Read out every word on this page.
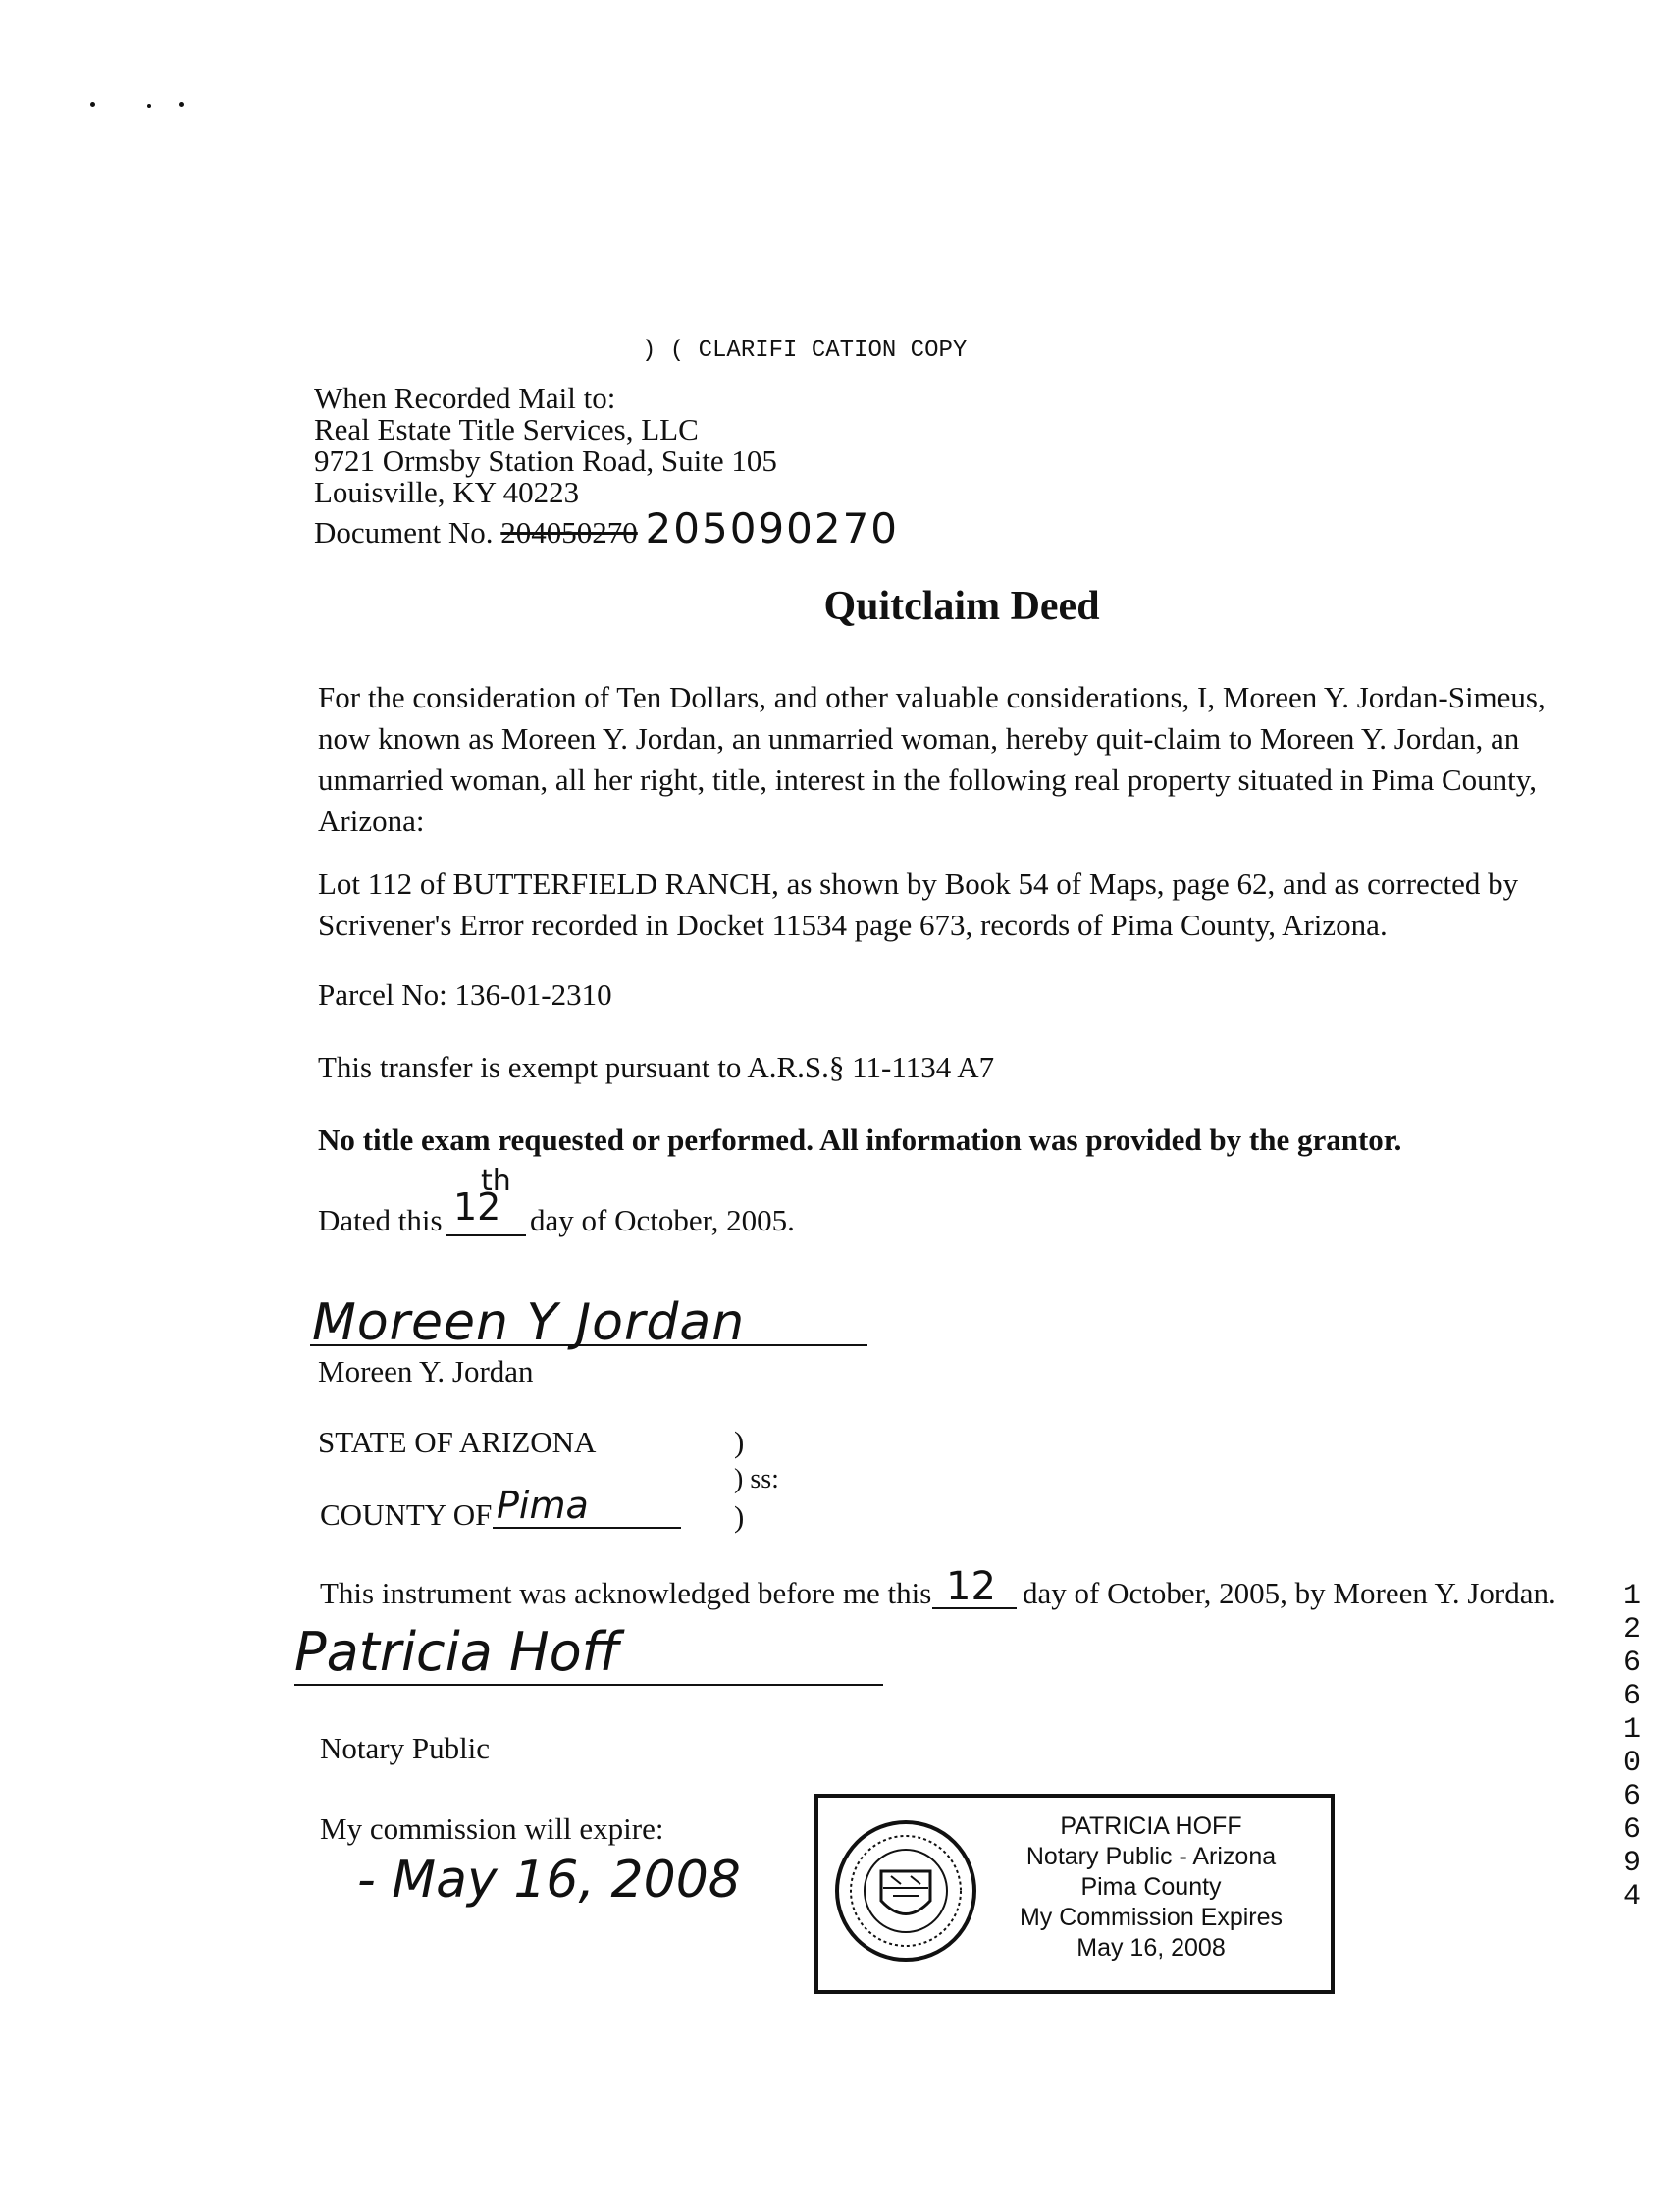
) ( CLARIFI CATION COPY
When Recorded Mail to:
Real Estate Title Services, LLC
9721 Ormsby Station Road, Suite 105
Louisville, KY 40223
Document No. 204050270 205090270
Quitclaim Deed
For the consideration of Ten Dollars, and other valuable considerations, I, Moreen Y. Jordan-Simeus, now known as Moreen Y. Jordan, an unmarried woman, hereby quit-claim to Moreen Y. Jordan, an unmarried woman, all her right, title, interest in the following real property situated in Pima County, Arizona:
Lot 112 of BUTTERFIELD RANCH, as shown by Book 54 of Maps, page 62, and as corrected by Scrivener's Error recorded in Docket 11534 page 673, records of Pima County, Arizona.
Parcel No: 136-01-2310
This transfer is exempt pursuant to A.R.S.§ 11-1134 A7
No title exam requested or performed. All information was provided by the grantor.
Dated this 12
th
day of October, 2005.
Moreen Y Jordan
Moreen Y. Jordan
STATE OF ARIZONA	)
) ss:
COUNTY OF Pima	)
This instrument was acknowledged before me this 12 day of October, 2005, by Moreen Y. Jordan.
Patricia Hoff
Notary Public
My commission will expire:
- May 16, 2008
PATRICIA HOFF
Notary Public - Arizona
Pima County
My Commission Expires
May 16, 2008
12661 06694
